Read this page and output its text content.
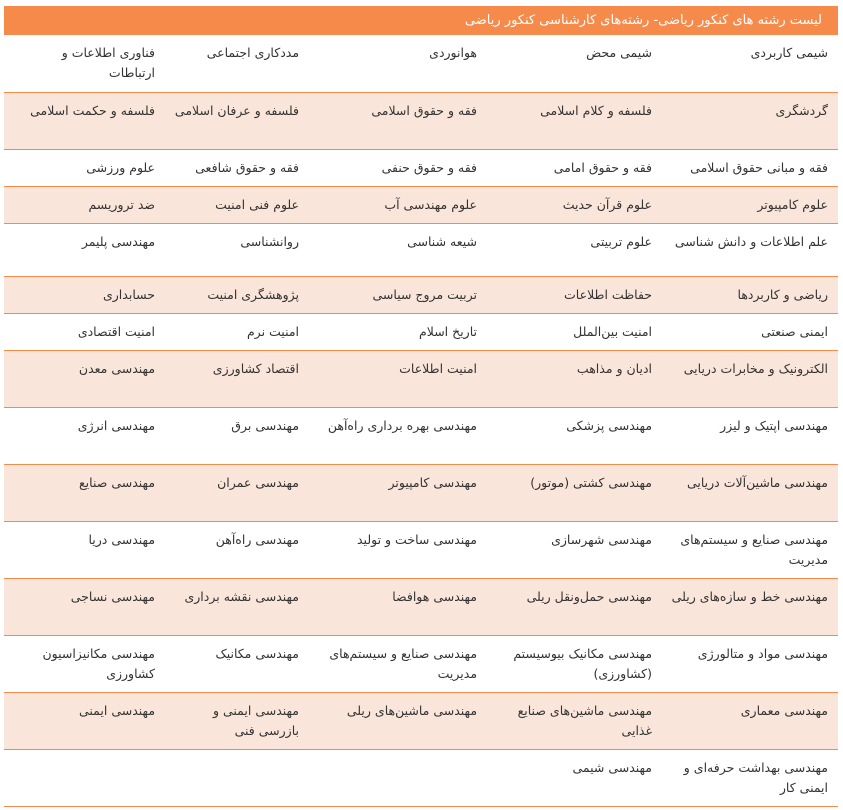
لیست رشته های کنکور ریاضی- رشته‌های کارشناسی کنکور ریاضی				
شیمی کاربردی	شیمی محض	هوانوردی	مددکاری اجتماعی	فناوری اطلاعات و ارتباطات
گردشگری	فلسفه و کلام اسلامی	فقه و حقوق اسلامی	فلسفه و عرفان اسلامی	فلسفه و حکمت اسلامی
فقه و مبانی حقوق اسلامی	فقه و حقوق امامی	فقه و حقوق حنفی	فقه و حقوق شافعی	علوم ورزشی
علوم کامپیوتر	علوم قرآن حدیث	علوم مهندسی آب	علوم فنی امنیت	ضد تروریسم
علم اطلاعات و دانش شناسی	علوم تربیتی	شیعه شناسی	روانشناسی	مهندسی پلیمر
ریاضی و کاربردها	حفاظت اطلاعات	تربیت مروج سیاسی	پژوهشگری امنیت	حسابداری
ایمنی صنعتی	امنیت بین‌الملل	تاریخ اسلام	امنیت نرم	امنیت اقتصادی
الکترونیک و مخابرات دریایی	ادیان و مذاهب	امنیت اطلاعات	اقتصاد کشاورزی	مهندسی معدن
مهندسی اپتیک و لیزر	مهندسی پزشکی	مهندسی بهره برداری راه‌آهن	مهندسی برق	مهندسی انرژی
مهندسی ماشین‌آلات دریایی	مهندسی کشتی (موتور)	مهندسی کامپیوتر	مهندسی عمران	مهندسی صنایع
مهندسی صنایع و سیستم‌های مدیریت	مهندسی شهرسازی	مهندسی ساخت و تولید	مهندسی راه‌آهن	مهندسی دریا
مهندسی خط و سازه‌های ریلی	مهندسی حمل‌ونقل ریلی	مهندسی هوافضا	مهندسی نقشه برداری	مهندسی نساجی
مهندسی مواد و متالورژی	مهندسی مکانیک بیوسیستم (کشاورزی)	مهندسی صنایع و سیستم‌های مدیریت	مهندسی مکانیک	مهندسی مکانیزاسیون کشاورزی
مهندسی معماری	مهندسی ماشین‌های صنایع غذایی	مهندسی ماشین‌های ریلی	مهندسی ایمنی و بازرسی فنی	مهندسی ایمنی
مهندسی بهداشت حرفه‌ای و ایمنی کار	مهندسی شیمی			
